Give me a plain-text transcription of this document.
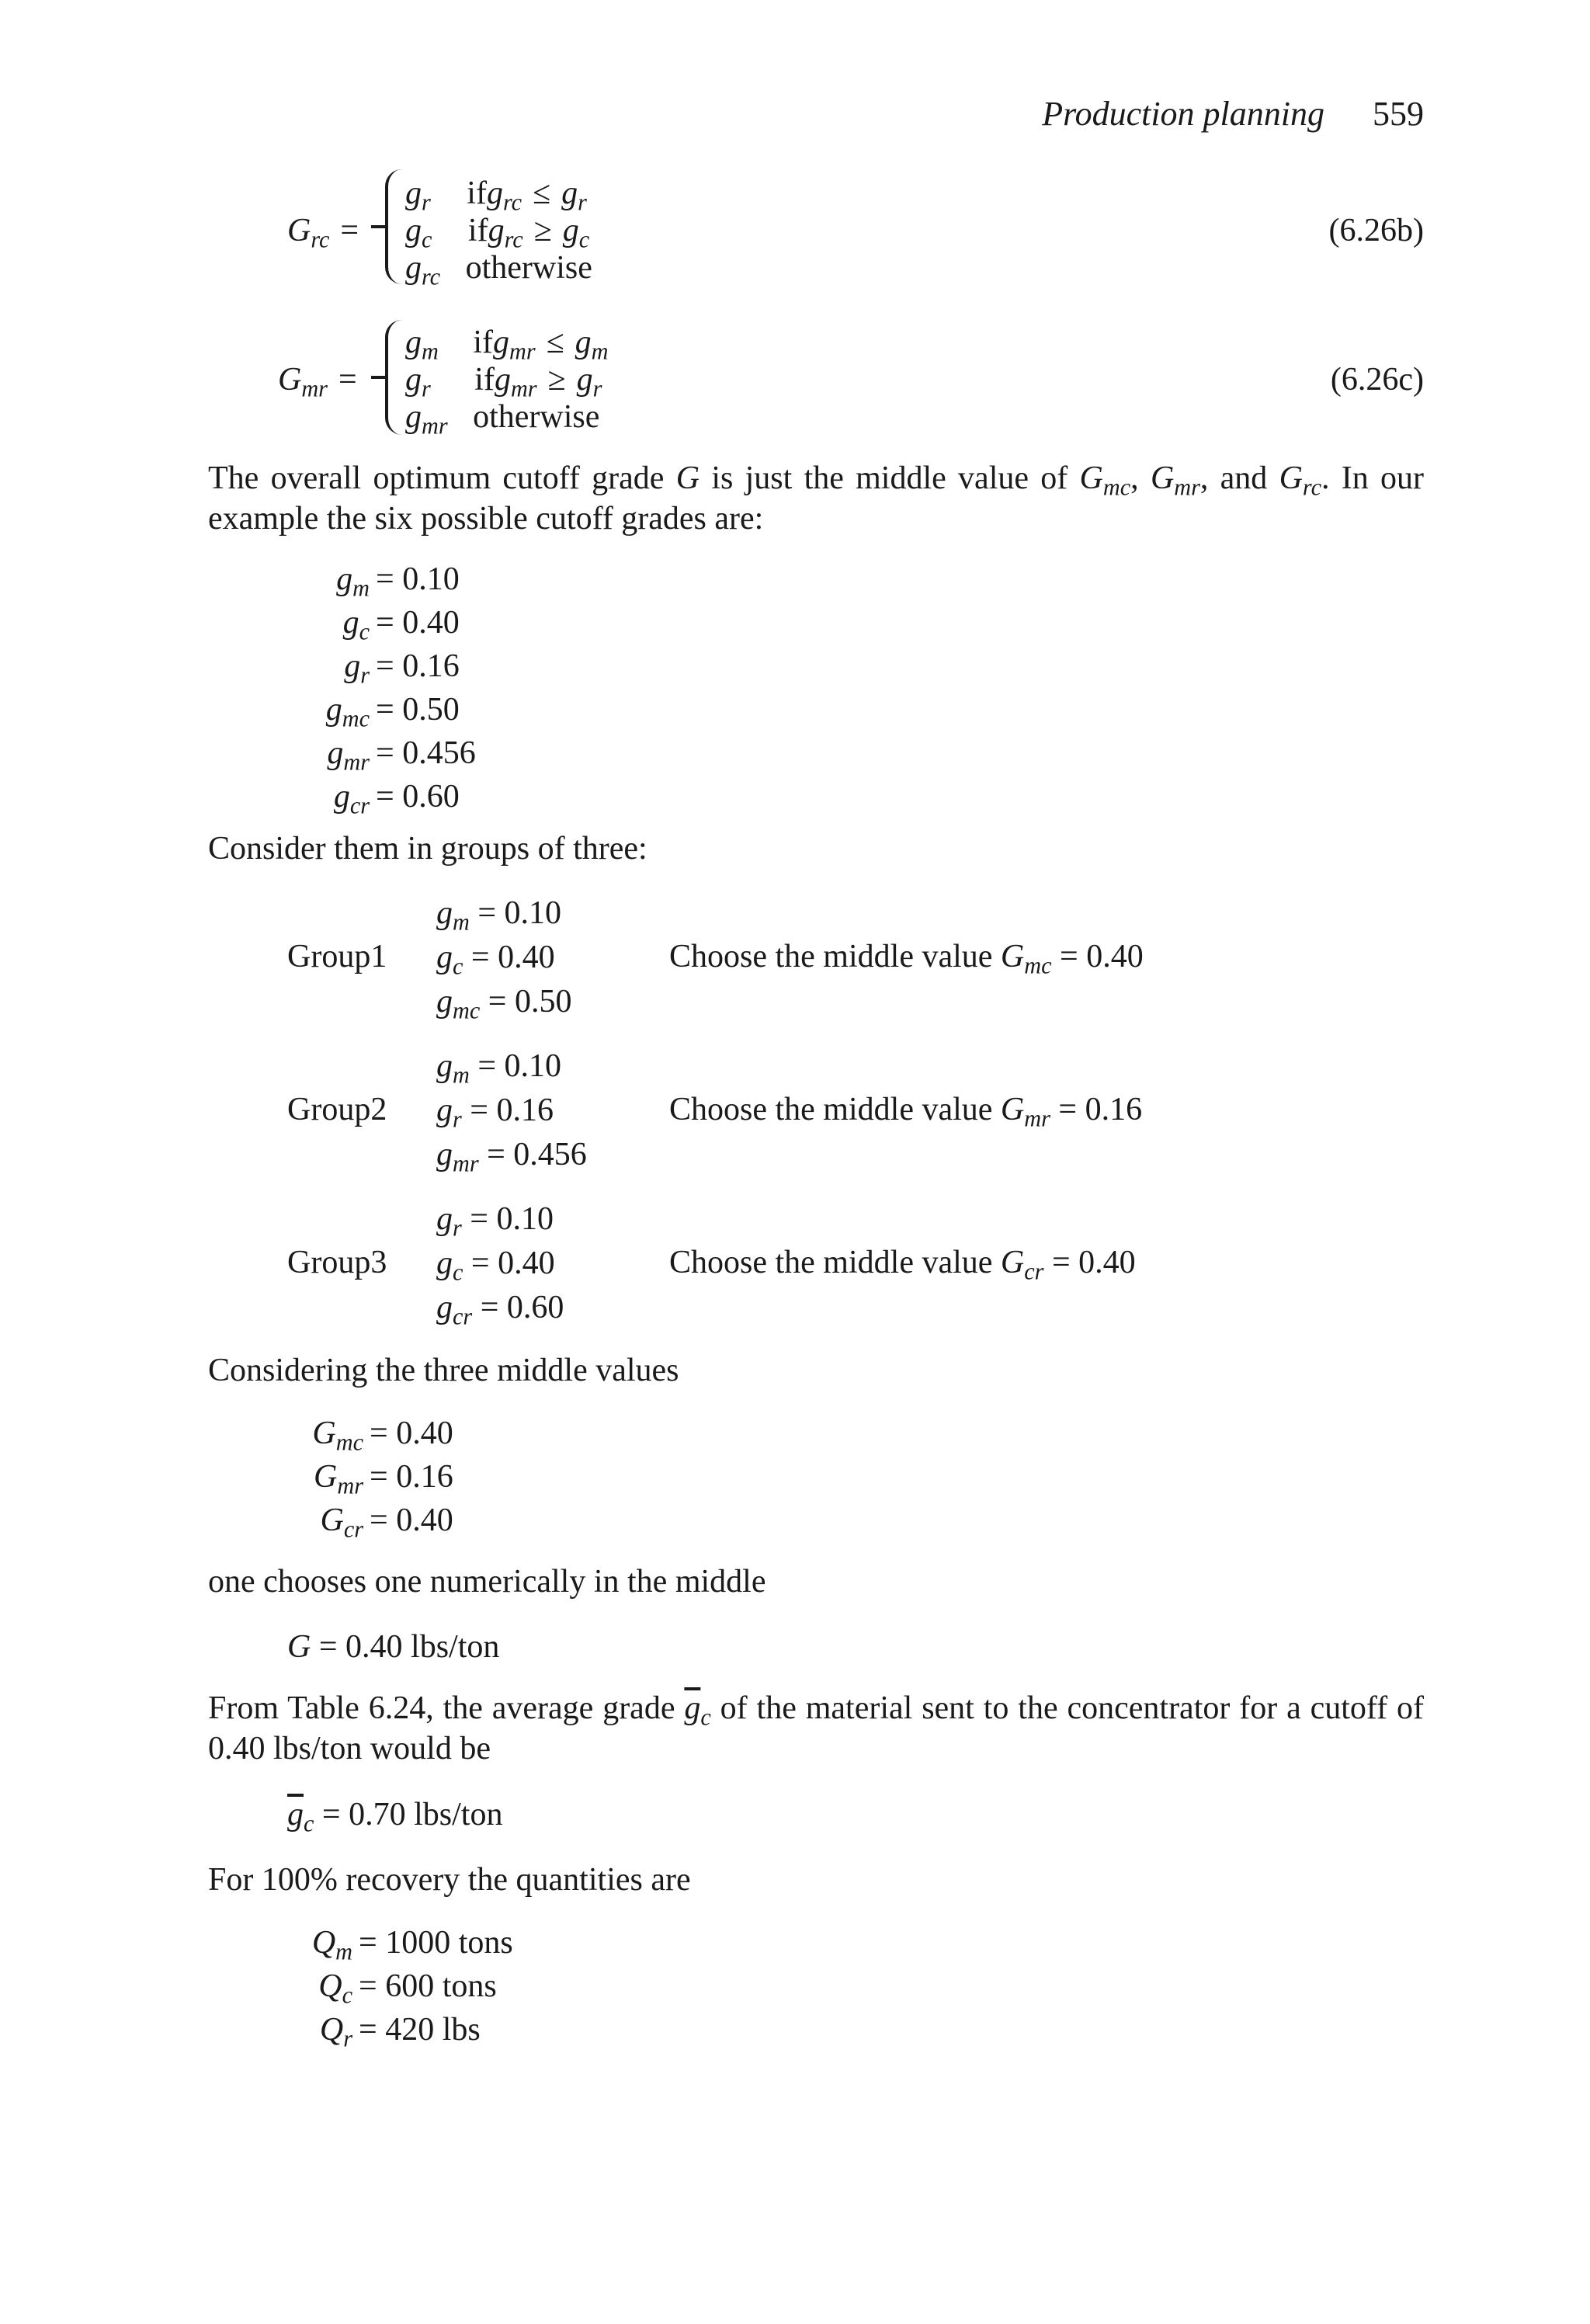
Production planning 559
$G_{rc}$ =
$g_r$ $ifg_{rc} \le g_r$
$g_c$ $ifg_{rc} \ge g_c$
$g_{rc}$ otherwise
(6.26b)
$G_{mr}$ =
$g_m$ $ifg_{mr} \le g_m$
$g_r$ $ifg_{mr} \ge g_r$
$g_{mr}$ otherwise
(6.26c)
The overall optimum cutoff grade G is just the middle value of $G_{mc}$, $G_{mr}$, and $G_{rc}$. In our example the six possible cutoff grades are:
$g_m$
$g_c$
$g_r$
$g_{mc}$
$g_{mr}$
$g_{cr}$
= 0.10
= 0.40
= 0.16
= 0.50
= 0.456
= 0.60
Consider them in groups of three:
Group1
$g_m = 0.10$
$g_c = 0.40$
$g_{mc} = 0.50$
Choose the middle value $G_{mc} = 0.40$
Group2
$g_m = 0.10$
$g_r = 0.16$
$g_{mr} = 0.456$
Choose the middle value $G_{mr} = 0.16$
Group3
$g_r = 0.10$
$g_c = 0.40$
$g_{cr} = 0.60$
Choose the middle value $G_{cr} = 0.40$
Considering the three middle values
$G_{mc}$
$G_{mr}$
$G_{cr}$
= 0.40
= 0.16
= 0.40
one chooses one numerically in the middle
G = 0.40 lbs/ton
From Table 6.24, the average grade $\overline{g}_c$ of the material sent to the concentrator for a cutoff of 0.40 lbs/ton would be
$\overline{g}_c = 0.70$ lbs/ton
For 100% recovery the quantities are
$Q_m$
$Q_c$
$Q_r$
= 1000 tons
= 600 tons
= 420 lbs
